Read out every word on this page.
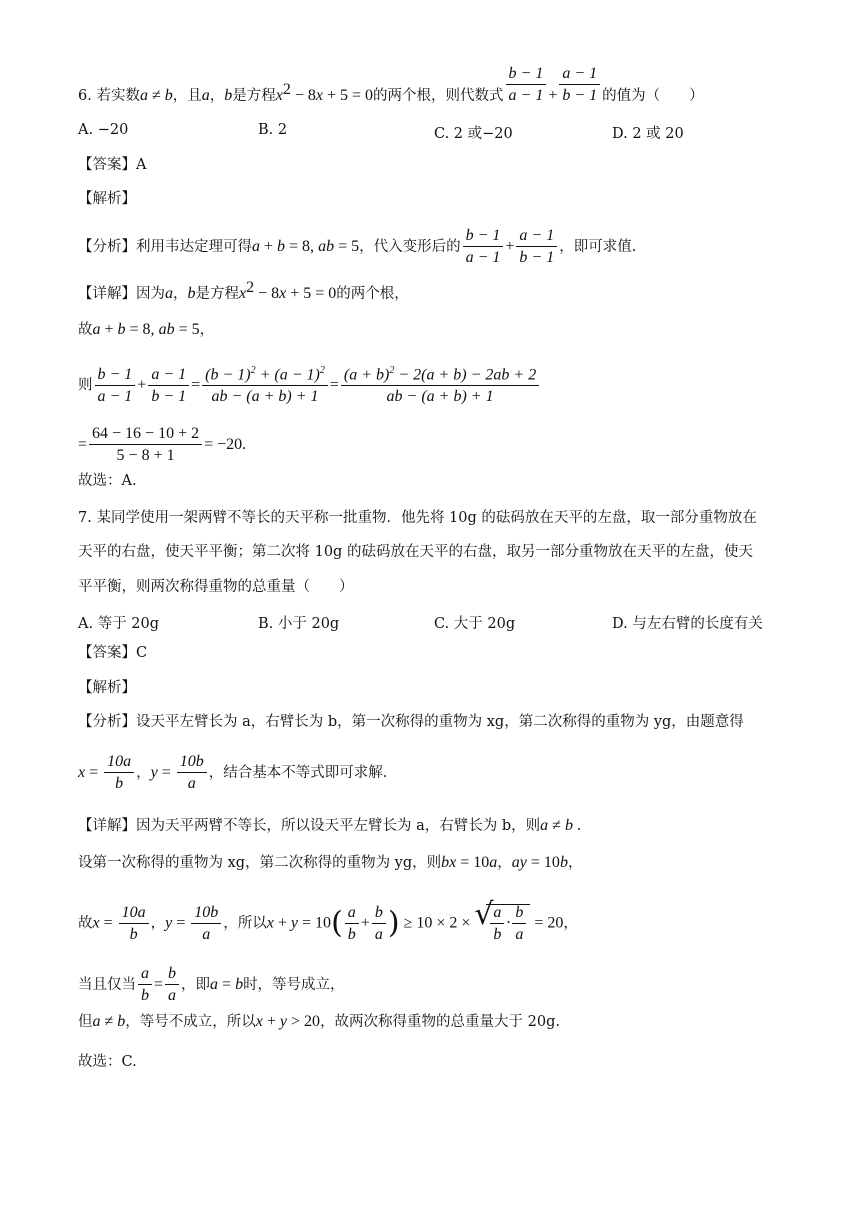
6. 若实数a ≠ b，且a，b是方程$x^2 - 8x + 5 = 0$的两个根，则代数式 $\frac{b - 1}{a - 1} + \frac{a - 1}{b - 1}$ 的值为（　　）
A. −20	B. 2	C. 2 或−20	D. 2 或 20
【答案】A
【解析】
【分析】利用韦达定理可得a + b = 8, ab = 5，代入变形后的 $\frac{b - 1}{a - 1} + \frac{a - 1}{b - 1}$ ，即可求值.
【详解】因为a，b是方程$x^2 - 8x + 5 = 0$的两个根，
故a + b = 8, ab = 5，
则 $\frac{b - 1}{a - 1} + \frac{a - 1}{b - 1} = \frac{(b - 1)^2 + (a - 1)^2}{ab - (a + b) + 1} = \frac{(a + b)^2 - 2(a + b) - 2ab + 2}{ab - (a + b) + 1}$
= $\frac{64 - 16 - 10 + 2}{5 - 8 + 1} = -20$.
故选：A.
7. 某同学使用一架两臂不等长的天平称一批重物．他先将 10g 的砝码放在天平的左盘，取一部分重物放在
天平的右盘，使天平平衡；第二次将 10g 的砝码放在天平的右盘，取另一部分重物放在天平的左盘，使天
平平衡，则两次称得重物的总重量（　　）
A. 等于 20g	B. 小于 20g	C. 大于 20g	D. 与左右臂的长度有关
【答案】C
【解析】
【分析】设天平左臂长为 a，右臂长为 b，第一次称得的重物为 xg，第二次称得的重物为 yg，由题意得
$x = \frac{10a}{b}$ ，$y = \frac{10b}{a}$ ，结合基本不等式即可求解.
【详解】因为天平两臂不等长，所以设天平左臂长为 a，右臂长为 b，则a ≠ b .
设第一次称得的重物为 xg，第二次称得的重物为 yg，则bx = 10a，ay = 10b，
故$x = \frac{10a}{b}$ ，$y = \frac{10b}{a}$ ，所以$x + y = 10( \frac{a}{b} + \frac{b}{a}$ ) ≥ 10 × 2 × √
$\frac{a}{b} \cdot \frac{b}{a} = 20$，
当且仅当 $\frac{a}{b} = \frac{b}{a}$ ，即a = b时，等号成立，
但a ≠ b，等号不成立，所以x + y > 20，故两次称得重物的总重量大于 20g.
故选：C.
